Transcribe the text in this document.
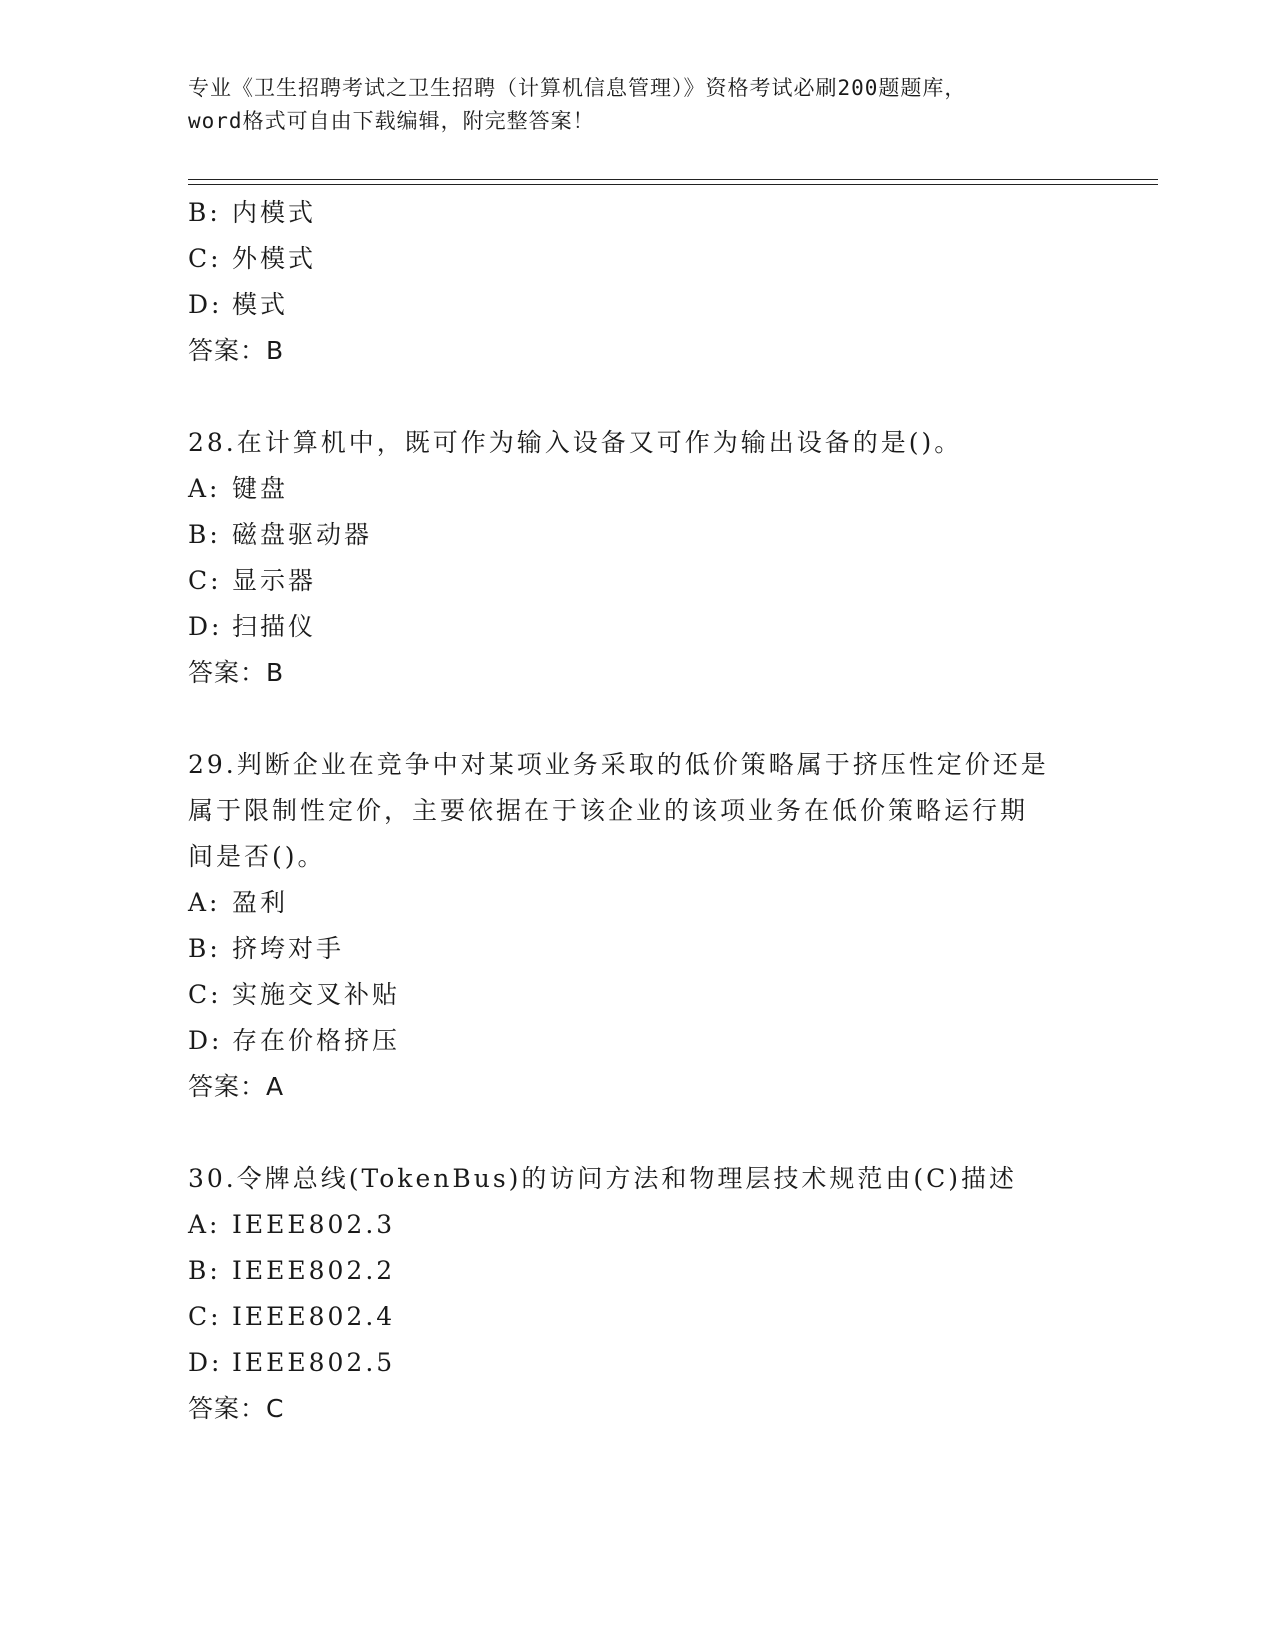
专业《卫生招聘考试之卫生招聘（计算机信息管理）》资格考试必刷200题题库，
word格式可自由下载编辑，附完整答案！
B: 内模式
C: 外模式
D: 模式
答案：B
28.在计算机中，既可作为输入设备又可作为输出设备的是()。
A: 键盘
B: 磁盘驱动器
C: 显示器
D: 扫描仪
答案：B
29.判断企业在竞争中对某项业务采取的低价策略属于挤压性定价还是
属于限制性定价，主要依据在于该企业的该项业务在低价策略运行期
间是否()。
A: 盈利
B: 挤垮对手
C: 实施交叉补贴
D: 存在价格挤压
答案：A
30.令牌总线(TokenBus)的访问方法和物理层技术规范由(C)描述
A: IEEE802.3
B: IEEE802.2
C: IEEE802.4
D: IEEE802.5
答案：C
